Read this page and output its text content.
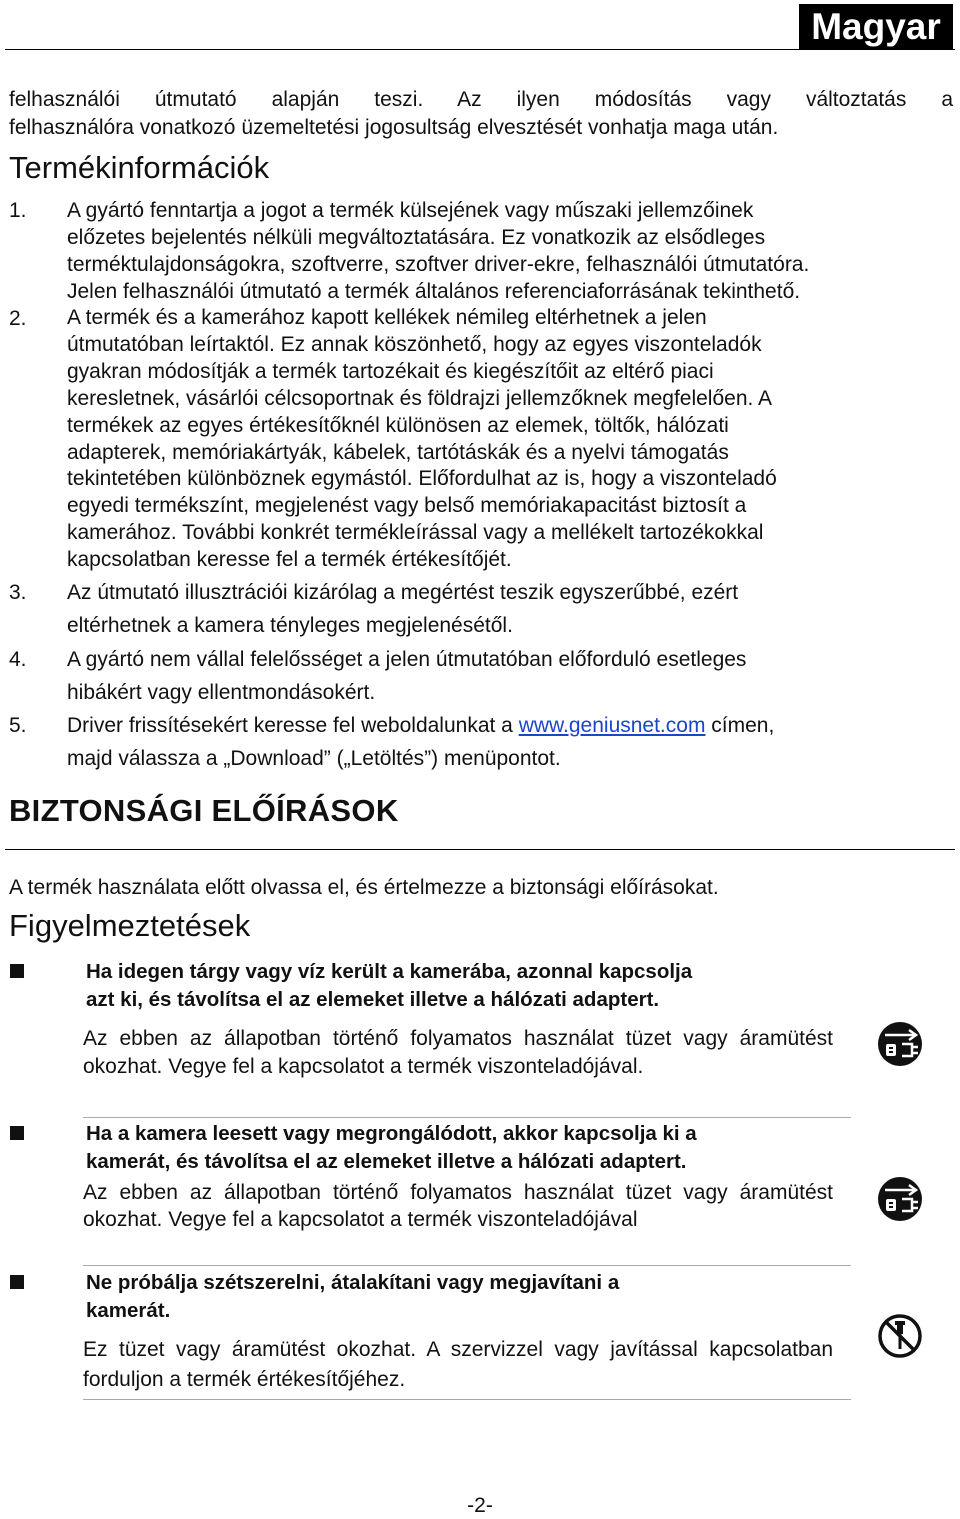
Magyar
felhasználói útmutató alapján teszi. Az ilyen módosítás vagy változtatás a
felhasználóra vonatkozó üzemeltetési jogosultság elvesztését vonhatja maga után.
Termékinformációk
1. A gyártó fenntartja a jogot a termék külsejének vagy műszaki jellemzőinek
előzetes bejelentés nélküli megváltoztatására. Ez vonatkozik az elsődleges
terméktulajdonságokra, szoftverre, szoftver driver-ekre, felhasználói útmutatóra.
Jelen felhasználói útmutató a termék általános referenciaforrásának tekinthető.
2. A termék és a kamerához kapott kellékek némileg eltérhetnek a jelen
útmutatóban leírtaktól. Ez annak köszönhető, hogy az egyes viszonteladók
gyakran módosítják a termék tartozékait és kiegészítőit az eltérő piaci
keresletnek, vásárlói célcsoportnak és földrajzi jellemzőknek megfelelően. A
termékek az egyes értékesítőknél különösen az elemek, töltők, hálózati
adapterek, memóriakártyák, kábelek, tartótáskák és a nyelvi támogatás
tekintetében különböznek egymástól. Előfordulhat az is, hogy a viszonteladó
egyedi termékszínt, megjelenést vagy belső memóriakapacitást biztosít a
kamerához. További konkrét termékleírással vagy a mellékelt tartozékokkal
kapcsolatban keresse fel a termék értékesítőjét.
3. Az útmutató illusztrációi kizárólag a megértést teszik egyszerűbbé, ezért
eltérhetnek a kamera tényleges megjelenésétől.
4. A gyártó nem vállal felelősséget a jelen útmutatóban előforduló esetleges
hibákért vagy ellentmondásokért.
5. Driver frissítésekért keresse fel weboldalunkat a www.geniusnet.com címen,
majd válassza a „Download” („Letöltés”) menüpontot.
BIZTONSÁGI ELŐÍRÁSOK
A termék használata előtt olvassa el, és értelmezze a biztonsági előírásokat.
Figyelmeztetések
Ha idegen tárgy vagy víz került a kamerába, azonnal kapcsolja
azt ki, és távolítsa el az elemeket illetve a hálózati adaptert.
Az ebben az állapotban történő folyamatos használat tüzet vagy áramütést okozhat. Vegye fel a kapcsolatot a termék viszonteladójával.
Ha a kamera leesett vagy megrongálódott, akkor kapcsolja ki a
kamerát, és távolítsa el az elemeket illetve a hálózati adaptert.
Az ebben az állapotban történő folyamatos használat tüzet vagy áramütést okozhat. Vegye fel a kapcsolatot a termék viszonteladójával
Ne próbálja szétszerelni, átalakítani vagy megjavítani a
kamerát.
Ez tüzet vagy áramütést okozhat. A szervizzel vagy javítással kapcsolatban forduljon a termék értékesítőjéhez.
-2-
